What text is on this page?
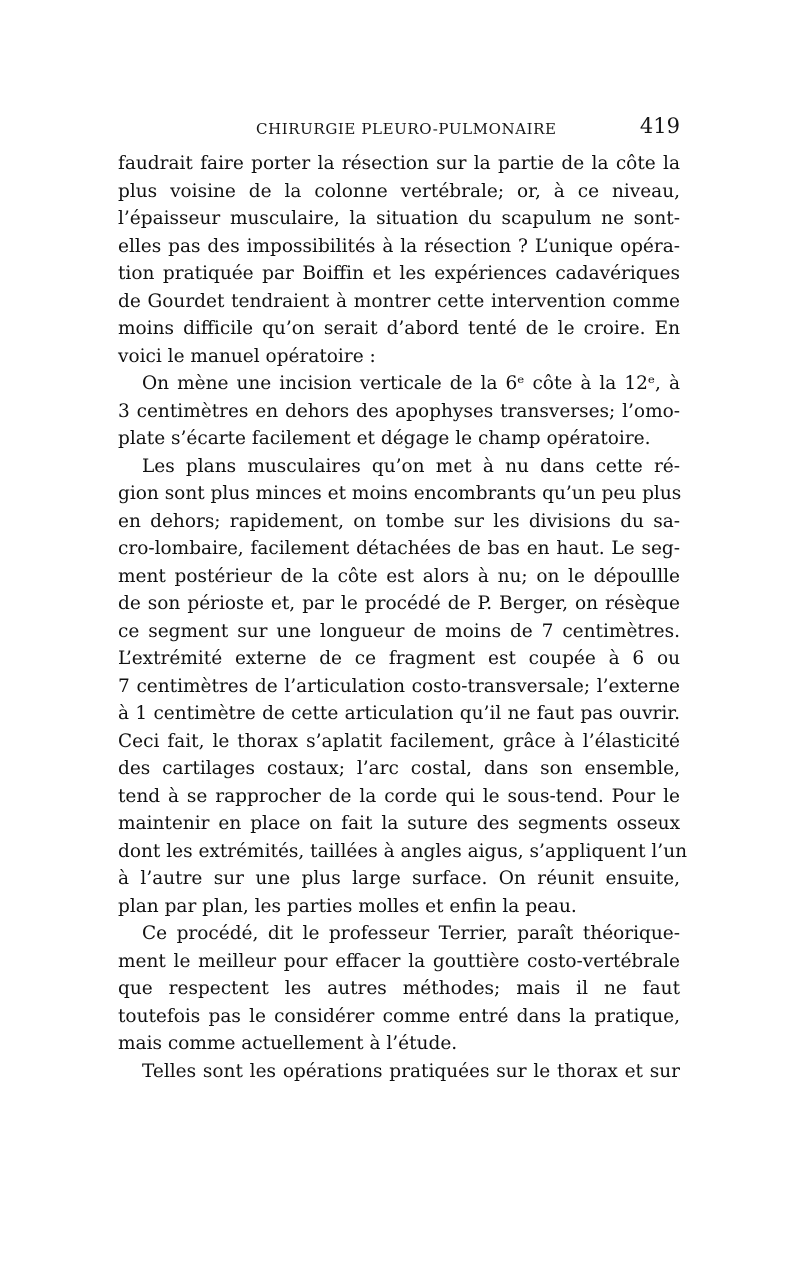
CHIRURGIE PLEURO-PULMONAIRE	419
faudrait faire porter la résection sur la partie de la côte la
plus voisine de la colonne vertébrale; or, à ce niveau,
l’épaisseur musculaire, la situation du scapulum ne sont-
elles pas des impossibilités à la résection ? L’unique opéra-
tion pratiquée par Boiffin et les expériences cadavériques
de Gourdet tendraient à montrer cette intervention comme
moins difficile qu’on serait d’abord tenté de le croire. En
voici le manuel opératoire :
On mène une incision verticale de la 6ᵉ côte à la 12ᵉ, à
3 centimètres en dehors des apophyses transverses; l’omo-
plate s’écarte facilement et dégage le champ opératoire.
Les plans musculaires qu’on met à nu dans cette ré-
gion sont plus minces et moins encombrants qu’un peu plus
en dehors; rapidement, on tombe sur les divisions du sa-
cro-lombaire, facilement détachées de bas en haut. Le seg-
ment postérieur de la côte est alors à nu; on le dépoullle
de son périoste et, par le procédé de P. Berger, on résèque
ce segment sur une longueur de moins de 7 centimètres.
L’extrémité externe de ce fragment est coupée à 6 ou
7 centimètres de l’articulation costo-transversale; l’externe
à 1 centimètre de cette articulation qu’il ne faut pas ouvrir.
Ceci fait, le thorax s’aplatit facilement, grâce à l’élasticité
des cartilages costaux; l’arc costal, dans son ensemble,
tend à se rapprocher de la corde qui le sous-tend. Pour le
maintenir en place on fait la suture des segments osseux
dont les extrémités, taillées à angles aigus, s’appliquent l’un
à l’autre sur une plus large surface. On réunit ensuite,
plan par plan, les parties molles et enfin la peau.
Ce procédé, dit le professeur Terrier, paraît théorique-
ment le meilleur pour effacer la gouttière costo-vertébrale
que respectent les autres méthodes; mais il ne faut
toutefois pas le considérer comme entré dans la pratique,
mais comme actuellement à l’étude.
Telles sont les opérations pratiquées sur le thorax et sur
